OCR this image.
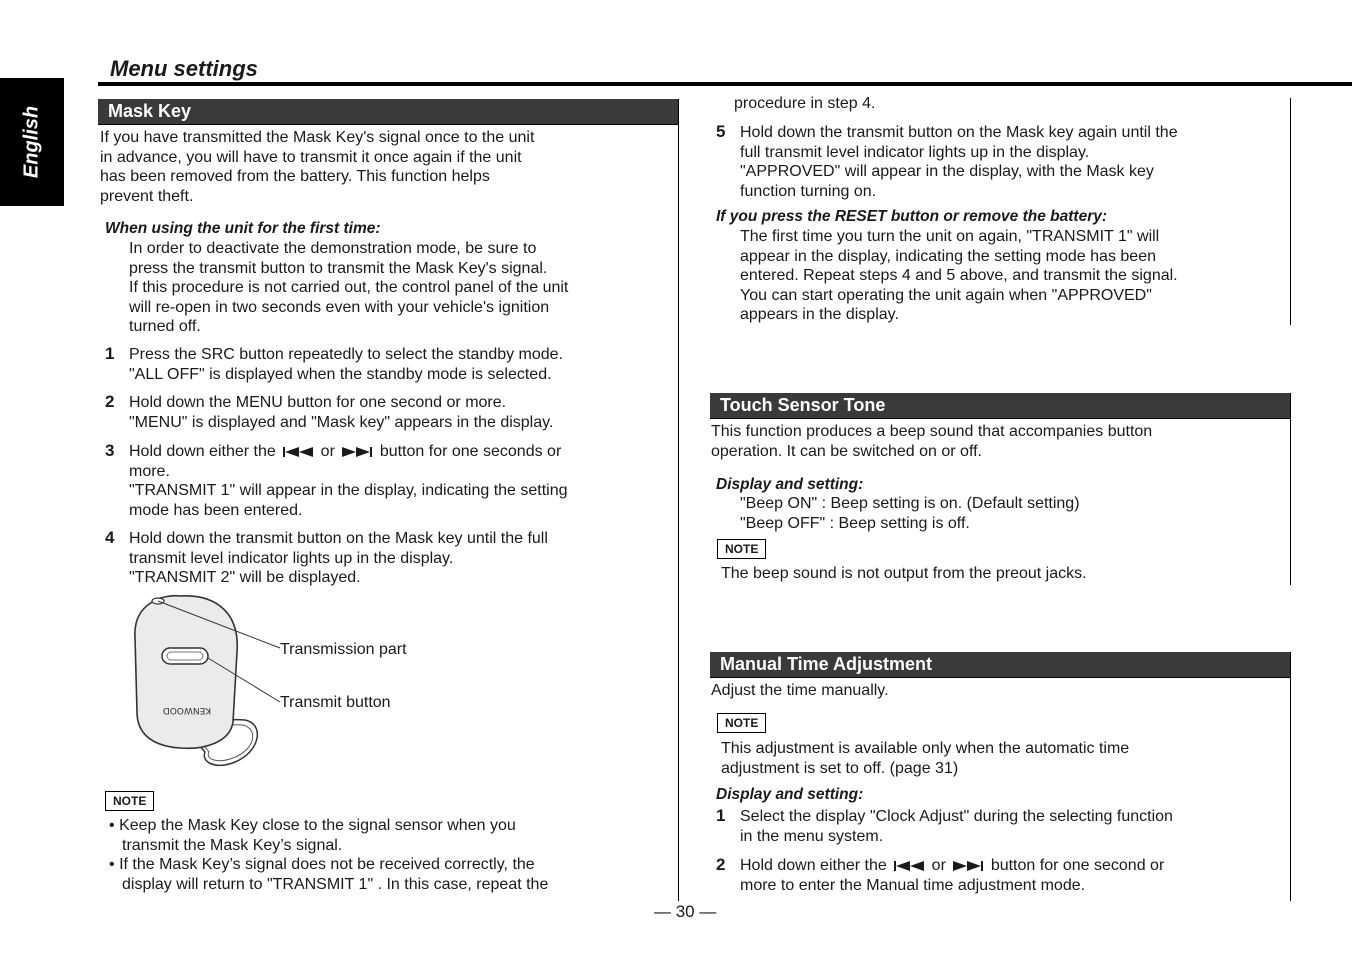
English
Menu settings
Mask Key
If you have transmitted the Mask Key's signal once to the unit
in advance, you will have to transmit it once again if the unit
has been removed from the battery. This function helps
prevent theft.
When using the unit for the first time:
In order to deactivate the demonstration mode, be sure to
press the transmit button to transmit the Mask Key's signal.
If this procedure is not carried out, the control panel of the unit
will re-open in two seconds even with your vehicle's ignition
turned off.
1 Press the SRC button repeatedly to select the standby mode.
"ALL OFF" is displayed when the standby mode is selected.
2 Hold down the MENU button for one second or more.
"MENU" is displayed and "Mask key" appears in the display.
3 Hold down either the	or	button for one seconds or
more.
"TRANSMIT 1" will appear in the display, indicating the setting
mode has been entered.
4 Hold down the transmit button on the Mask key until the full
transmit level indicator lights up in the display.
"TRANSMIT 2" will be displayed.
KENWOOD
Transmission part
Transmit button
NOTE
• Keep the Mask Key close to the signal sensor when you
transmit the Mask Key’s signal.
• If the Mask Key’s signal does not be received correctly, the
display will return to "TRANSMIT 1" . In this case, repeat the
procedure in step 4.
5 Hold down the transmit button on the Mask key again until the
full transmit level indicator lights up in the display.
"APPROVED" will appear in the display, with the Mask key
function turning on.
If you press the RESET button or remove the battery:
The first time you turn the unit on again, "TRANSMIT 1" will
appear in the display, indicating the setting mode has been
entered. Repeat steps 4 and 5 above, and transmit the signal.
You can start operating the unit again when "APPROVED"
appears in the display.
Touch Sensor Tone
This function produces a beep sound that accompanies button
operation. It can be switched on or off.
Display and setting:
"Beep ON" : Beep setting is on. (Default setting)
"Beep OFF" : Beep setting is off.
NOTE
The beep sound is not output from the preout jacks.
Manual Time Adjustment
Adjust the time manually.
NOTE
This adjustment is available only when the automatic time
adjustment is set to off. (page 31)
Display and setting:
1 Select the display "Clock Adjust" during the selecting function
in the menu system.
2 Hold down either the	or	button for one second or
more to enter the Manual time adjustment mode.
— 30 —
